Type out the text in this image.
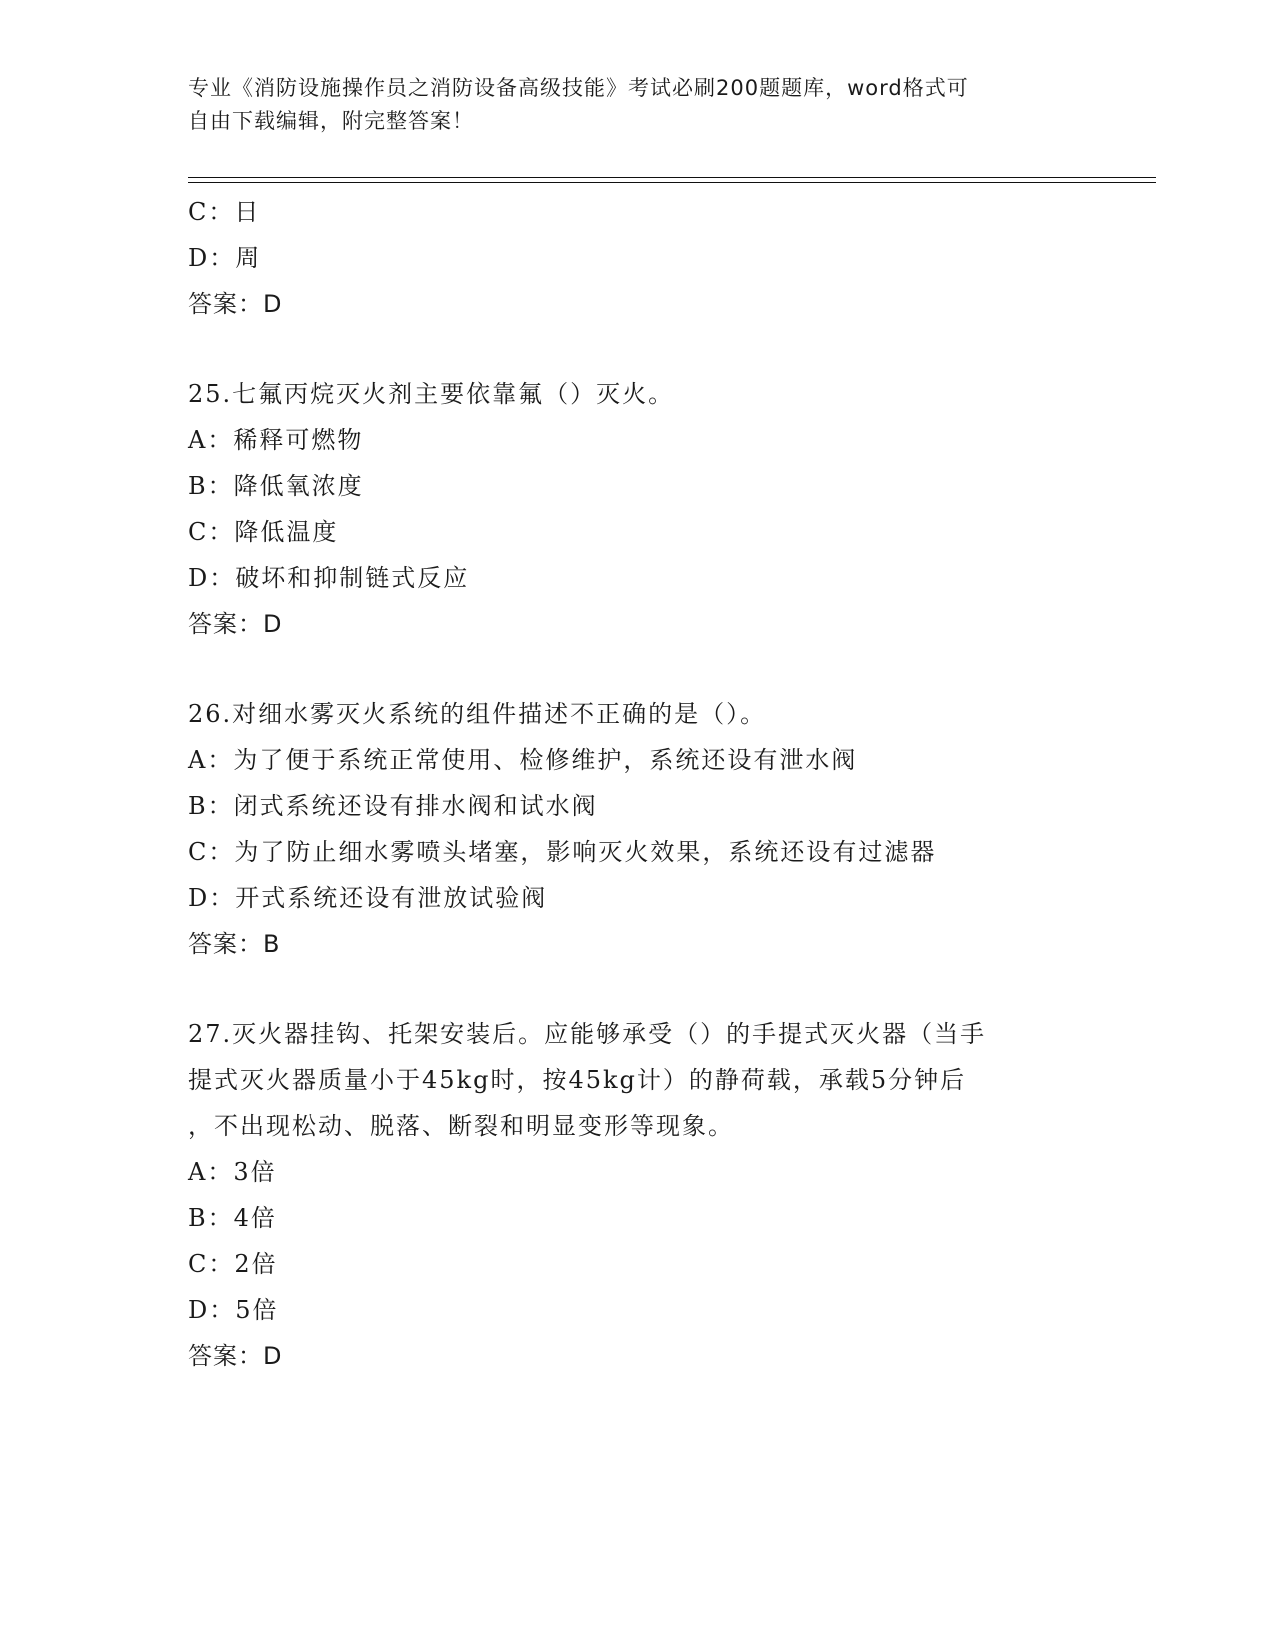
专业《消防设施操作员之消防设备高级技能》考试必刷200题题库，word格式可
自由下载编辑，附完整答案！
C：日
D：周
答案：D
25.七氟丙烷灭火剂主要依靠氟（）灭火。
A：稀释可燃物
B：降低氧浓度
C：降低温度
D：破坏和抑制链式反应
答案：D
26.对细水雾灭火系统的组件描述不正确的是（）。
A：为了便于系统正常使用、检修维护，系统还设有泄水阀
B：闭式系统还设有排水阀和试水阀
C：为了防止细水雾喷头堵塞，影响灭火效果，系统还设有过滤器
D：开式系统还设有泄放试验阀
答案：B
27.灭火器挂钩、托架安装后。应能够承受（）的手提式灭火器（当手
提式灭火器质量小于45kg时，按45kg计）的静荷载，承载5分钟后
，不出现松动、脱落、断裂和明显变形等现象。
A：3倍
B：4倍
C：2倍
D：5倍
答案：D
